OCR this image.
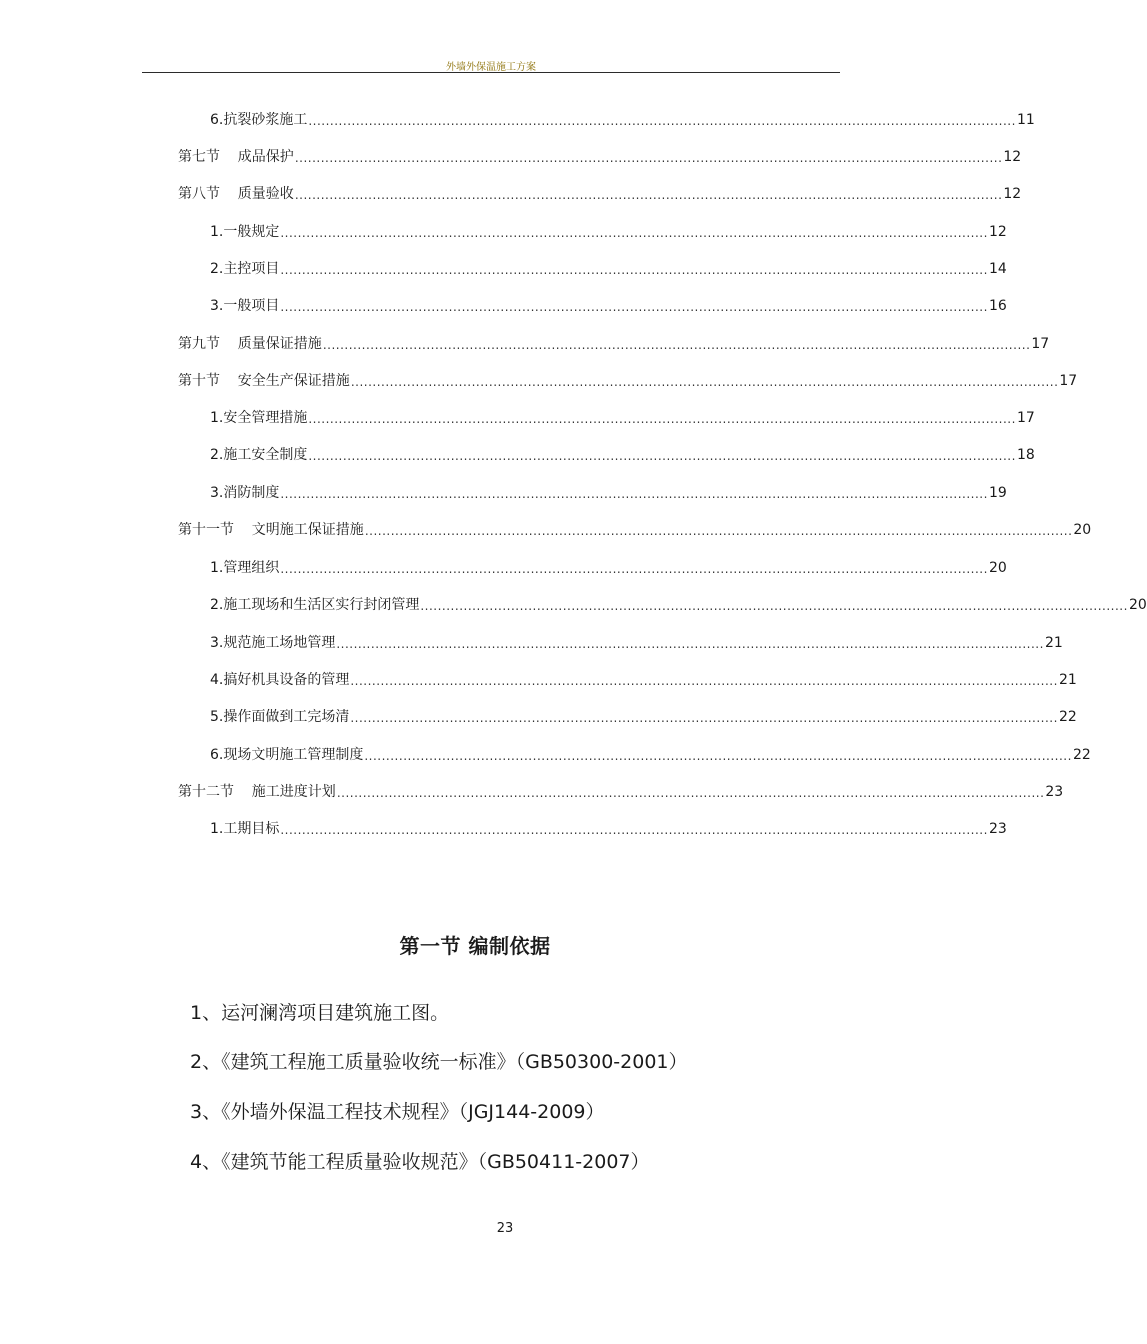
外墙外保温施工方案
6.抗裂砂浆施工 .................................................................................................................................................................... 11
第七节    成品保护 .................................................................................................................................................................... 12
第八节    质量验收 .................................................................................................................................................................... 12
1.一般规定 .................................................................................................................................................................... 12
2.主控项目 .................................................................................................................................................................... 14
3.一般项目 .................................................................................................................................................................... 16
第九节    质量保证措施 .................................................................................................................................................................... 17
第十节    安全生产保证措施 .................................................................................................................................................................... 17
1.安全管理措施 .................................................................................................................................................................... 17
2.施工安全制度 .................................................................................................................................................................... 18
3.消防制度 .................................................................................................................................................................... 19
第十一节    文明施工保证措施 .................................................................................................................................................................... 20
1.管理组织 .................................................................................................................................................................... 20
2.施工现场和生活区实行封闭管理 .................................................................................................................................................................... 20
3.规范施工场地管理 .................................................................................................................................................................... 21
4.搞好机具设备的管理 .................................................................................................................................................................... 21
5.操作面做到工完场清 .................................................................................................................................................................... 22
6.现场文明施工管理制度 .................................................................................................................................................................... 22
第十二节    施工进度计划 .................................................................................................................................................................... 23
1.工期目标 .................................................................................................................................................................... 23
第一节 编制依据
1、运河澜湾项目建筑施工图。
2、《建筑工程施工质量验收统一标准》（GB50300-2001）
3、《外墙外保温工程技术规程》（JGJ144-2009）
4、《建筑节能工程质量验收规范》（GB50411-2007）
23
